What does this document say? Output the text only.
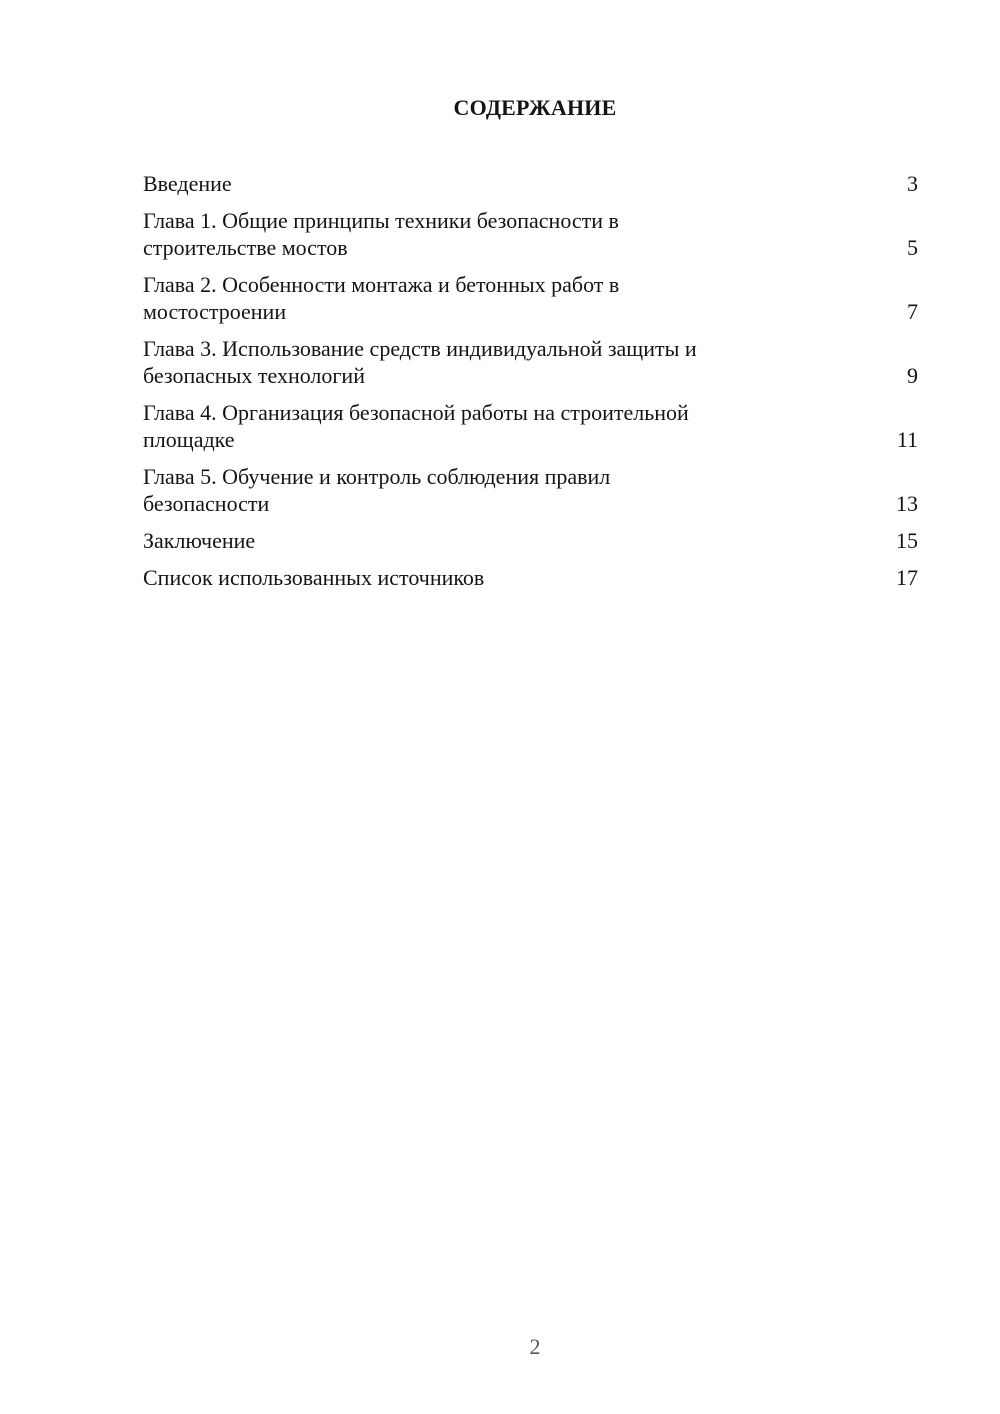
СОДЕРЖАНИЕ
Введение	3
Глава 1. Общие принципы техники безопасности в
строительстве мостов	5
Глава 2. Особенности монтажа и бетонных работ в
мостостроении	7
Глава 3. Использование средств индивидуальной защиты и
безопасных технологий	9
Глава 4. Организация безопасной работы на строительной
площадке	11
Глава 5. Обучение и контроль соблюдения правил
безопасности	13
Заключение	15
Список использованных источников	17
2
